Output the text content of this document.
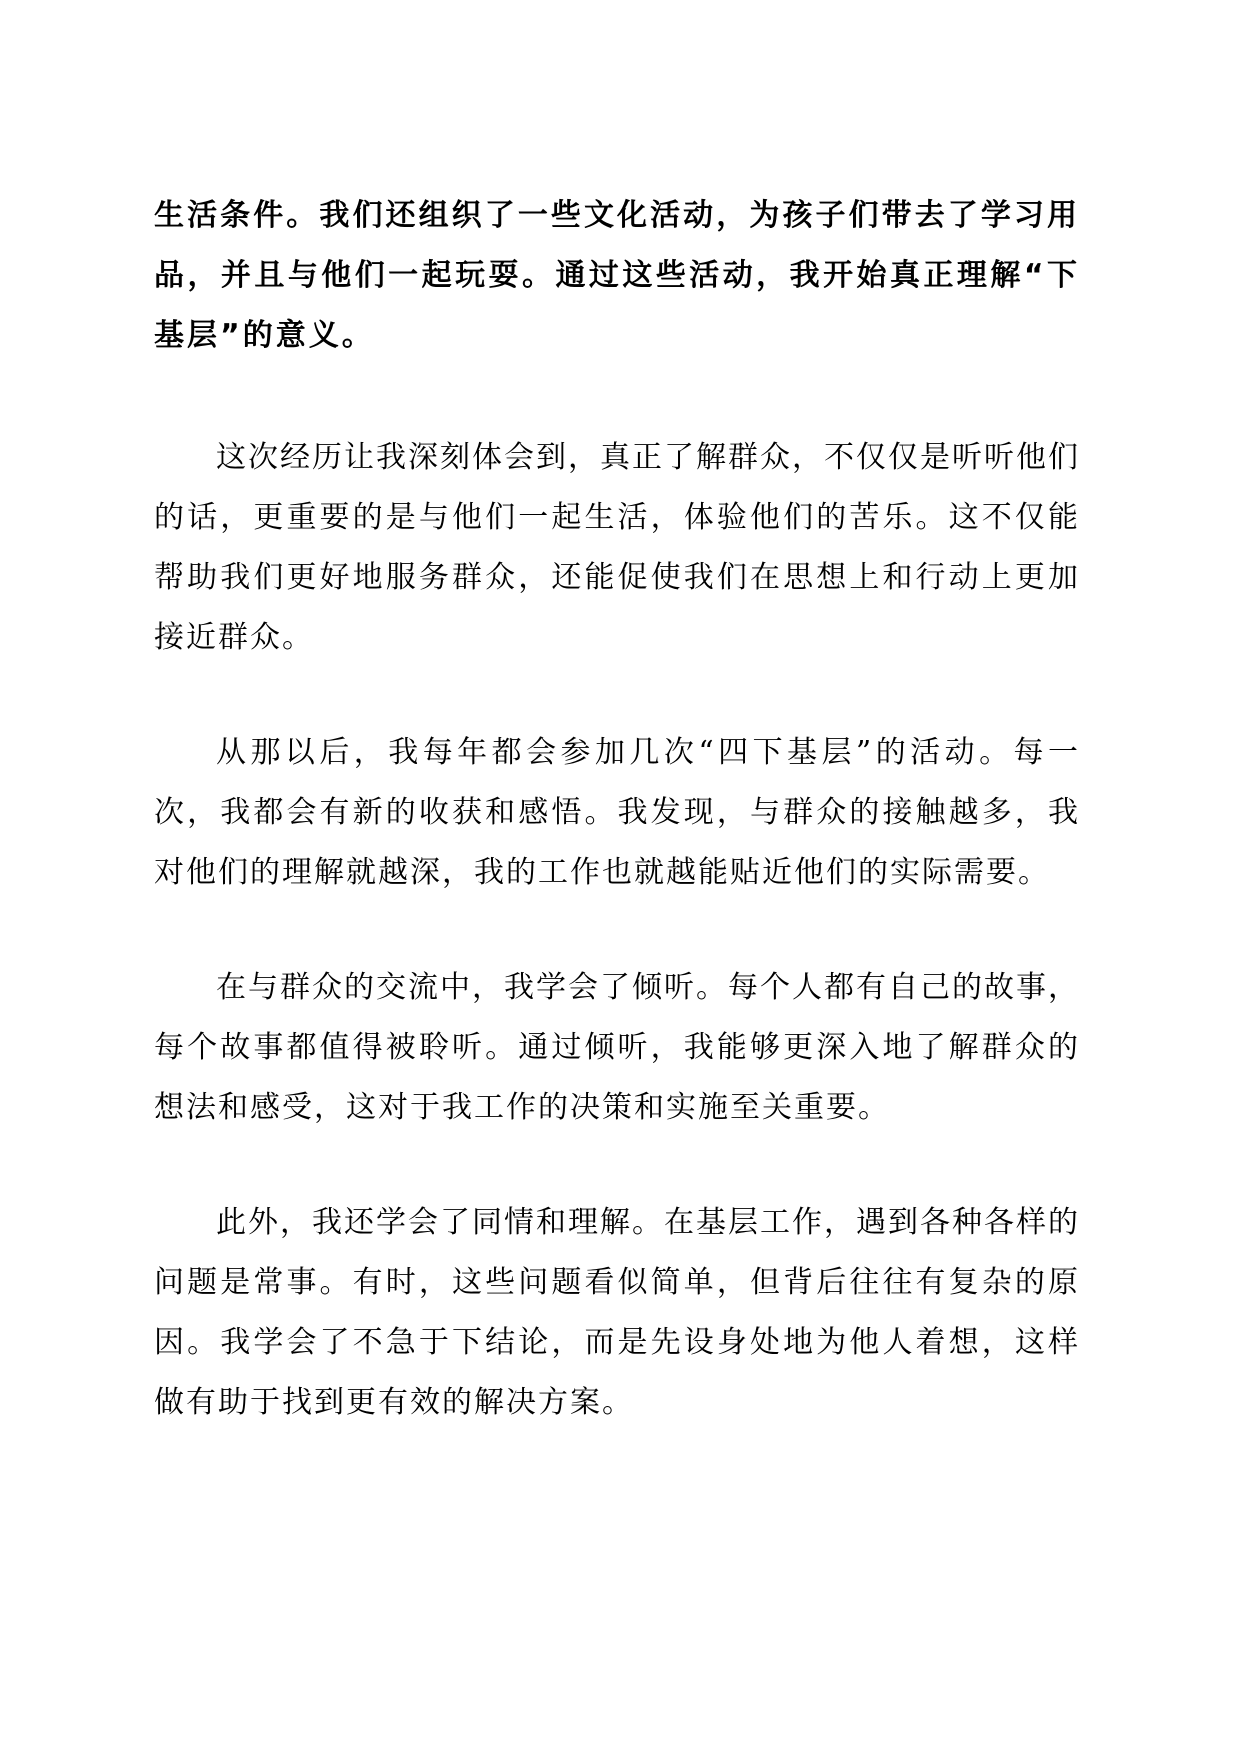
生活条件。我们还组织了一些文化活动，为孩子们带去了学习用品，并且与他们一起玩耍。通过这些活动，我开始真正理解“下基层”的意义。

这次经历让我深刻体会到，真正了解群众，不仅仅是听听他们的话，更重要的是与他们一起生活，体验他们的苦乐。这不仅能帮助我们更好地服务群众，还能促使我们在思想上和行动上更加接近群众。

从那以后，我每年都会参加几次“四下基层”的活动。每一次，我都会有新的收获和感悟。我发现，与群众的接触越多，我对他们的理解就越深，我的工作也就越能贴近他们的实际需要。

在与群众的交流中，我学会了倾听。每个人都有自己的故事，每个故事都值得被聆听。通过倾听，我能够更深入地了解群众的想法和感受，这对于我工作的决策和实施至关重要。

此外，我还学会了同情和理解。在基层工作，遇到各种各样的问题是常事。有时，这些问题看似简单，但背后往往有复杂的原因。我学会了不急于下结论，而是先设身处地为他人着想，这样做有助于找到更有效的解决方案。
